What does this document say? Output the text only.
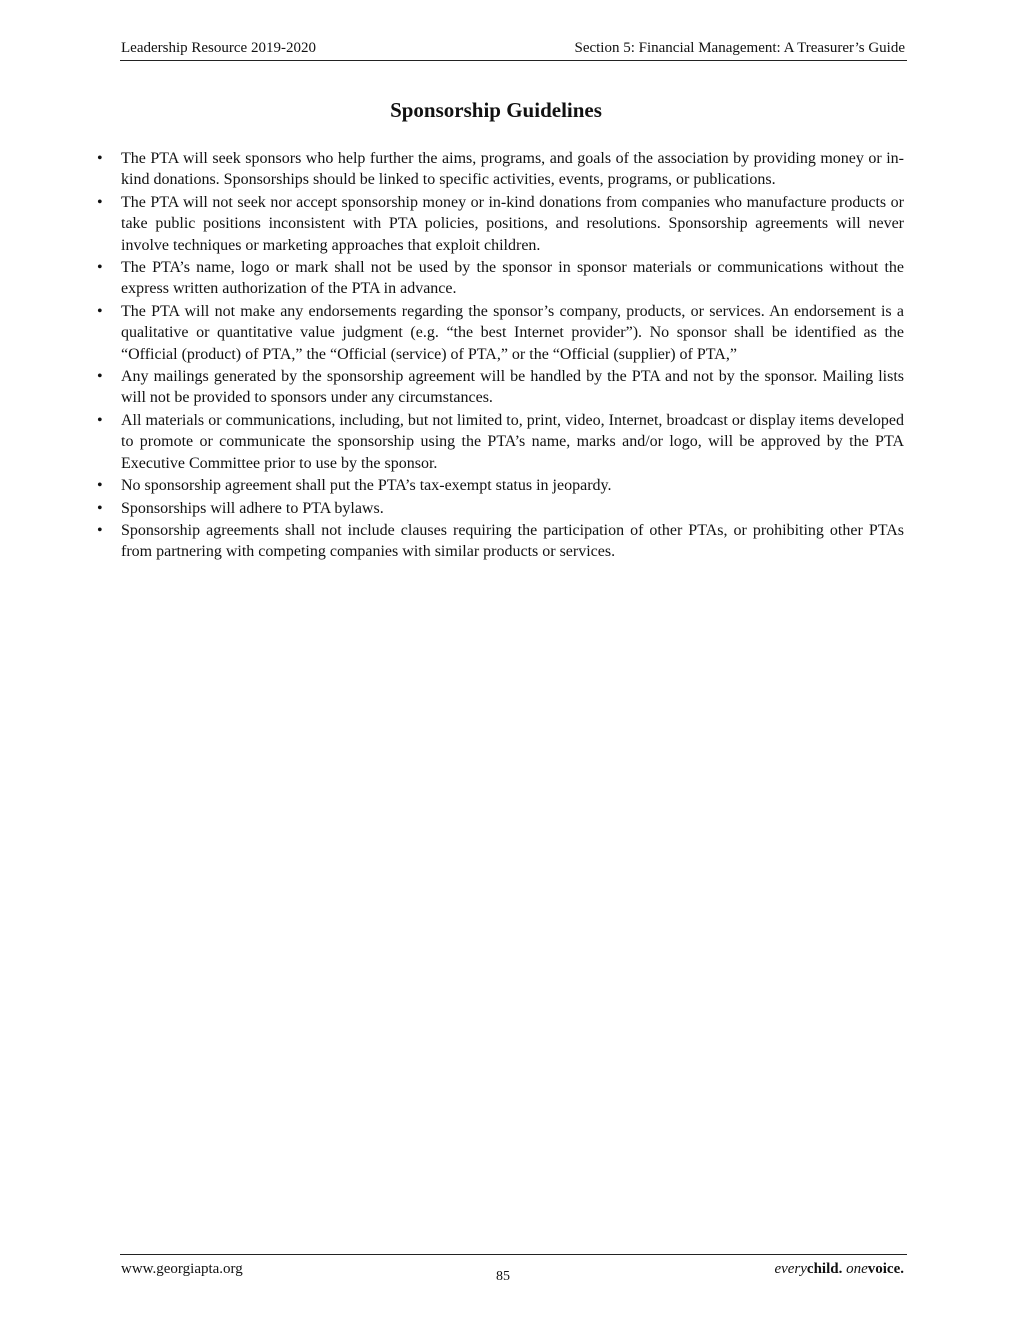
Leadership Resource 2019-2020	Section 5: Financial Management: A Treasurer’s Guide
Sponsorship Guidelines
• The PTA will seek sponsors who help further the aims, programs, and goals of the association by providing money or in-kind donations. Sponsorships should be linked to specific activities, events, programs, or publications.
• The PTA will not seek nor accept sponsorship money or in-kind donations from companies who manufacture products or take public positions inconsistent with PTA policies, positions, and resolutions. Sponsorship agreements will never involve techniques or marketing approaches that exploit children.
• The PTA’s name, logo or mark shall not be used by the sponsor in sponsor materials or communications without the express written authorization of the PTA in advance.
• The PTA will not make any endorsements regarding the sponsor’s company, products, or services. An endorsement is a qualitative or quantitative value judgment (e.g. “the best Internet provider”). No sponsor shall be identified as the “Official (product) of PTA,” the “Official (service) of PTA,” or the “Official (supplier) of PTA,”
• Any mailings generated by the sponsorship agreement will be handled by the PTA and not by the sponsor. Mailing lists will not be provided to sponsors under any circumstances.
• All materials or communications, including, but not limited to, print, video, Internet, broadcast or display items developed to promote or communicate the sponsorship using the PTA’s name, marks and/or logo, will be approved by the PTA Executive Committee prior to use by the sponsor.
• No sponsorship agreement shall put the PTA’s tax-exempt status in jeopardy.
• Sponsorships will adhere to PTA bylaws.
• Sponsorship agreements shall not include clauses requiring the participation of other PTAs, or prohibiting other PTAs from partnering with competing companies with similar products or services.
www.georgiapta.org	85	everychild. onevoice.
